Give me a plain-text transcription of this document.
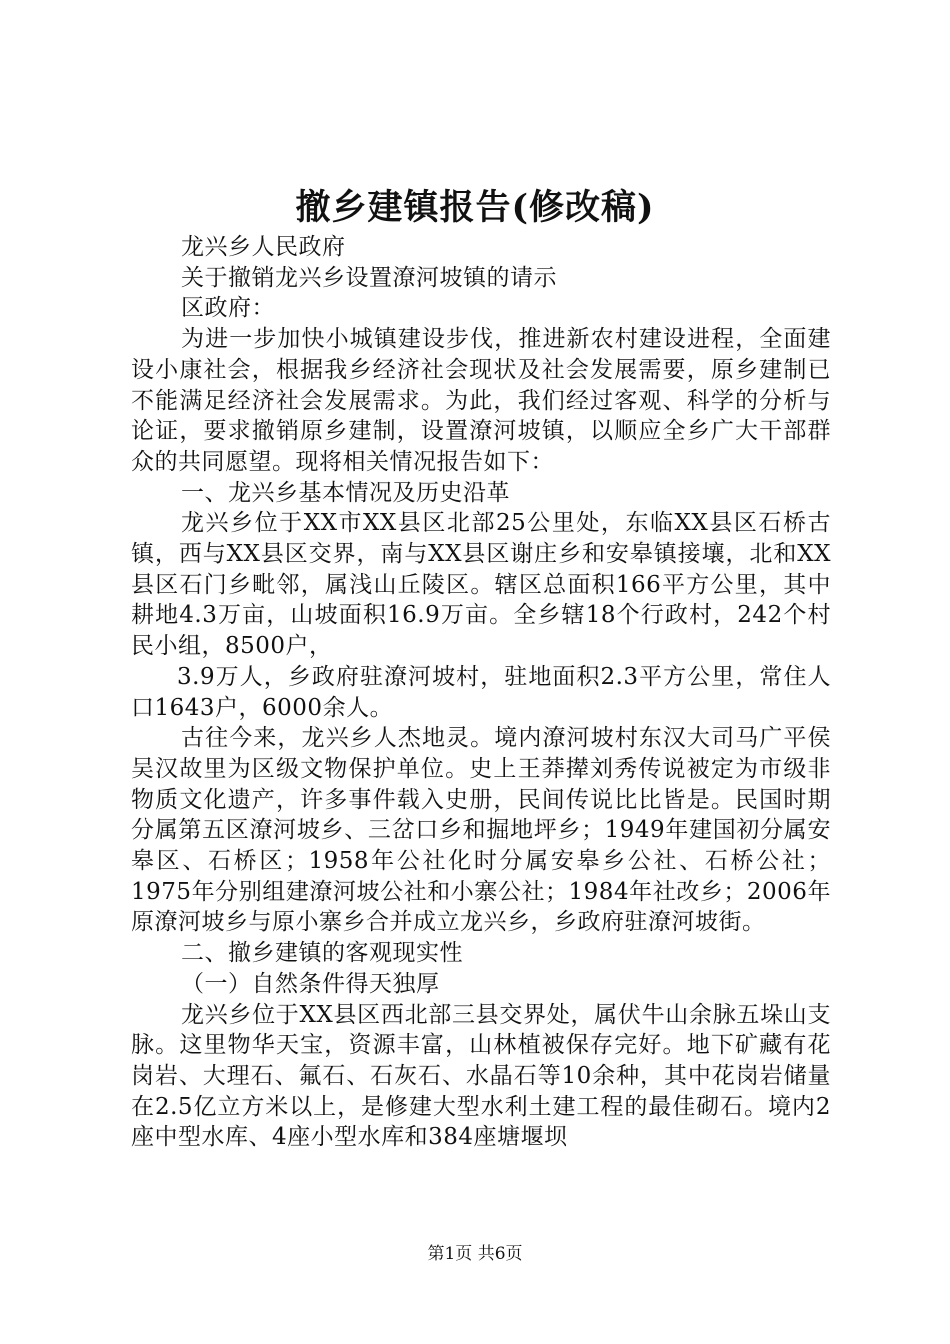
撤乡建镇报告(修改稿)

龙兴乡人民政府

关于撤销龙兴乡设置潦河坡镇的请示

区政府：

为进一步加快小城镇建设步伐，推进新农村建设进程，全面建设小康社会，根据我乡经济社会现状及社会发展需要，原乡建制已不能满足经济社会发展需求。为此，我们经过客观、科学的分析与论证，要求撤销原乡建制，设置潦河坡镇，以顺应全乡广大干部群众的共同愿望。现将相关情况报告如下：

一、龙兴乡基本情况及历史沿革

龙兴乡位于XX市XX县区北部25公里处，东临XX县区石桥古镇，西与XX县区交界，南与XX县区谢庄乡和安皋镇接壤，北和XX县区石门乡毗邻，属浅山丘陵区。辖区总面积166平方公里，其中耕地4.3万亩，山坡面积16.9万亩。全乡辖18个行政村，242个村民小组，8500户，

3.9万人，乡政府驻潦河坡村，驻地面积2.3平方公里，常住人口1643户，6000余人。

古往今来，龙兴乡人杰地灵。境内潦河坡村东汉大司马广平侯吴汉故里为区级文物保护单位。史上王莽撵刘秀传说被定为市级非物质文化遗产，许多事件载入史册，民间传说比比皆是。民国时期分属第五区潦河坡乡、三岔口乡和掘地坪乡；1949年建国初分属安皋区、石桥区；1958年公社化时分属安皋乡公社、石桥公社；1975年分别组建潦河坡公社和小寨公社；1984年社改乡；2006年原潦河坡乡与原小寨乡合并成立龙兴乡，乡政府驻潦河坡街。

二、撤乡建镇的客观现实性

（一）自然条件得天独厚

龙兴乡位于XX县区西北部三县交界处，属伏牛山余脉五垛山支脉。这里物华天宝，资源丰富，山林植被保存完好。地下矿藏有花岗岩、大理石、氟石、石灰石、水晶石等10余种，其中花岗岩储量在2.5亿立方米以上，是修建大型水利土建工程的最佳砌石。境内2座中型水库、4座小型水库和384座塘堰坝

第1页 共6页
